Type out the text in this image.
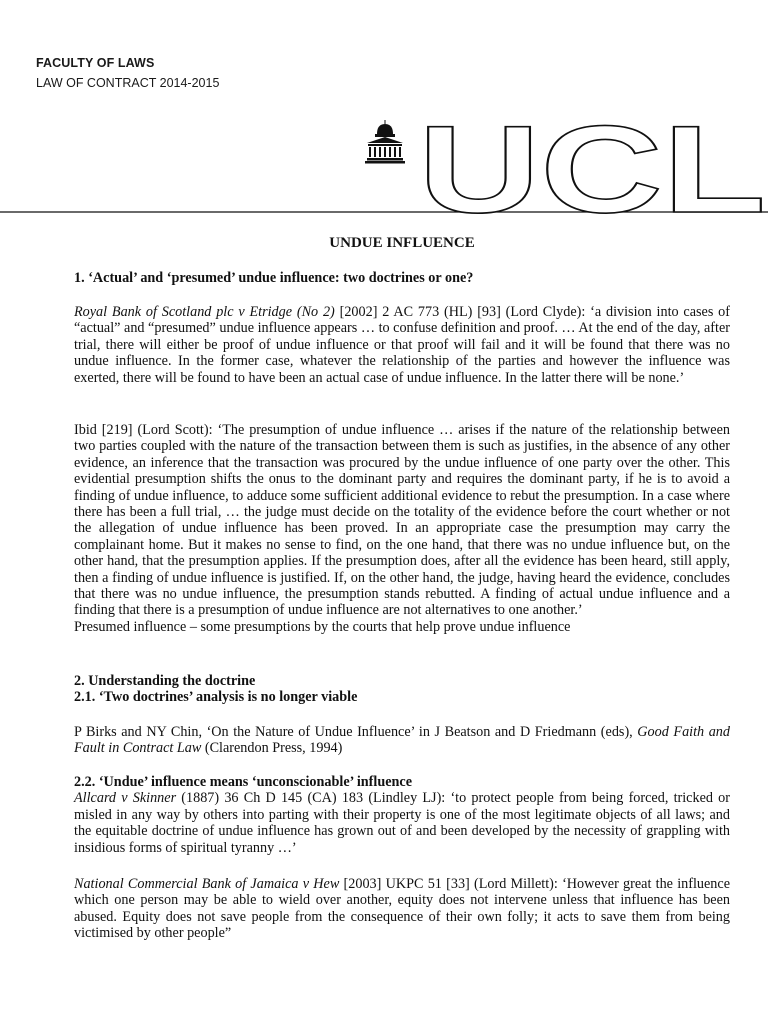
FACULTY OF LAWS
LAW OF CONTRACT 2014-2015
UCL

UNDUE INFLUENCE

1. ‘Actual’ and ‘presumed’ undue influence: two doctrines or one?

Royal Bank of Scotland plc v Etridge (No 2) [2002] 2 AC 773 (HL) [93] (Lord Clyde): ‘a division into cases of “actual” and “presumed” undue influence appears … to confuse definition and proof. … At the end of the day, after trial, there will either be proof of undue influence or that proof will fail and it will be found that there was no undue influence. In the former case, whatever the relationship of the parties and however the influence was exerted, there will be found to have been an actual case of undue influence. In the latter there will be none.’

Ibid [219] (Lord Scott): ‘The presumption of undue influence … arises if the nature of the relationship between two parties coupled with the nature of the transaction between them is such as justifies, in the absence of any other evidence, an inference that the transaction was procured by the undue influence of one party over the other. This evidential presumption shifts the onus to the dominant party and requires the dominant party, if he is to avoid a finding of undue influence, to adduce some sufficient additional evidence to rebut the presumption. In a case where there has been a full trial, … the judge must decide on the totality of the evidence before the court whether or not the allegation of undue influence has been proved. In an appropriate case the presumption may carry the complainant home. But it makes no sense to find, on the one hand, that there was no undue influence but, on the other hand, that the presumption applies. If the presumption does, after all the evidence has been heard, still apply, then a finding of undue influence is justified. If, on the other hand, the judge, having heard the evidence, concludes that there was no undue influence, the presumption stands rebutted. A finding of actual undue influence and a finding that there is a presumption of undue influence are not alternatives to one another.’

Presumed influence – some presumptions by the courts that help prove undue influence

2. Understanding the doctrine

2.1. ‘Two doctrines’ analysis is no longer viable

P Birks and NY Chin, ‘On the Nature of Undue Influence’ in J Beatson and D Friedmann (eds), Good Faith and Fault in Contract Law (Clarendon Press, 1994)

2.2. ‘Undue’ influence means ‘unconscionable’ influence

Allcard v Skinner (1887) 36 Ch D 145 (CA) 183 (Lindley LJ): ‘to protect people from being forced, tricked or misled in any way by others into parting with their property is one of the most legitimate objects of all laws; and the equitable doctrine of undue influence has grown out of and been developed by the necessity of grappling with insidious forms of spiritual tyranny …’

National Commercial Bank of Jamaica v Hew [2003] UKPC 51 [33] (Lord Millett): ‘However great the influence which one person may be able to wield over another, equity does not intervene unless that influence has been abused. Equity does not save people from the consequence of their own folly; it acts to save them from being victimised by other people”
